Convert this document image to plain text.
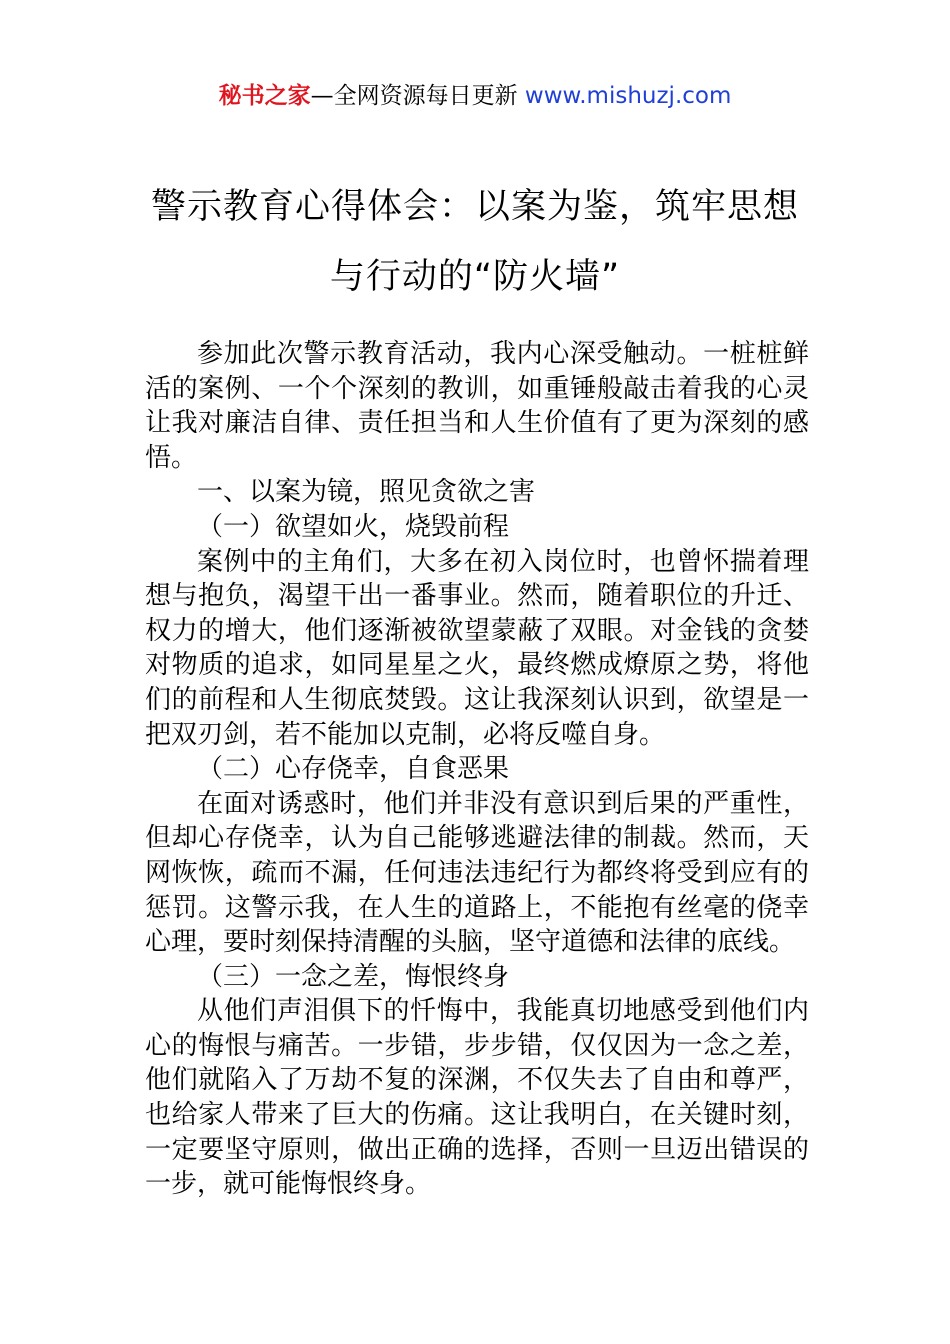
秘书之家—全网资源每日更新 www.mishuzj.com
警示教育心得体会：以案为鉴，筑牢思想
与行动的“防火墙”

参加此次警示教育活动，我内心深受触动。一桩桩鲜
活的案例、一个个深刻的教训，如重锤般敲击着我的心灵
让我对廉洁自律、责任担当和人生价值有了更为深刻的感
悟。

一、以案为镜，照见贪欲之害
（一）欲望如火，烧毁前程

案例中的主角们，大多在初入岗位时，也曾怀揣着理
想与抱负，渴望干出一番事业。然而，随着职位的升迁、
权力的增大，他们逐渐被欲望蒙蔽了双眼。对金钱的贪婪
对物质的追求，如同星星之火，最终燃成燎原之势，将他
们的前程和人生彻底焚毁。这让我深刻认识到，欲望是一
把双刃剑，若不能加以克制，必将反噬自身。

（二）心存侥幸，自食恶果

在面对诱惑时，他们并非没有意识到后果的严重性，
但却心存侥幸，认为自己能够逃避法律的制裁。然而，天
网恢恢，疏而不漏，任何违法违纪行为都终将受到应有的
惩罚。这警示我，在人生的道路上，不能抱有丝毫的侥幸
心理，要时刻保持清醒的头脑，坚守道德和法律的底线。

（三）一念之差，悔恨终身

从他们声泪俱下的忏悔中，我能真切地感受到他们内
心的悔恨与痛苦。一步错，步步错，仅仅因为一念之差，
他们就陷入了万劫不复的深渊，不仅失去了自由和尊严，
也给家人带来了巨大的伤痛。这让我明白，在关键时刻，
一定要坚守原则，做出正确的选择，否则一旦迈出错误的
一步，就可能悔恨终身。
